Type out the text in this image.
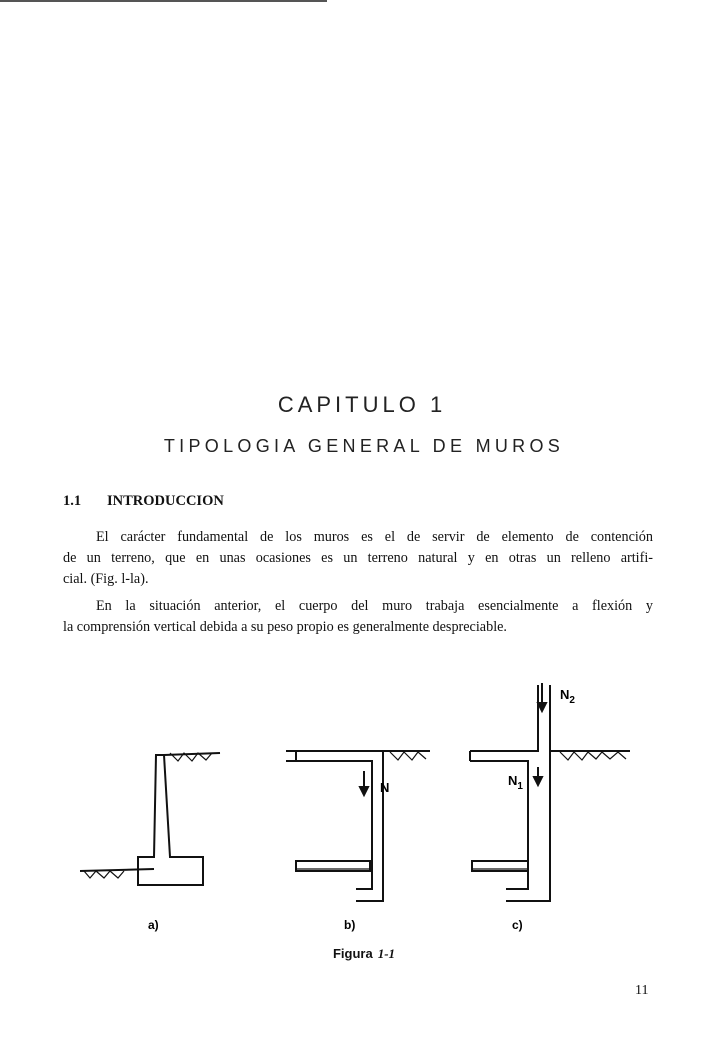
CAPITULO 1
TIPOLOGIA GENERAL DE MUROS
1.1 INTRODUCCION
El carácter fundamental de los muros es el de servir de elemento de contención
de un terreno, que en unas ocasiones es un terreno natural y en otras un relleno artifi-
cial. (Fig. l-la).
En la situación anterior, el cuerpo del muro trabaja esencialmente a flexión y
la comprensión vertical debida a su peso propio es generalmente despreciable.
N	$N_1$
$N_2$
a)	b)	c)
Figura 1-1
11
